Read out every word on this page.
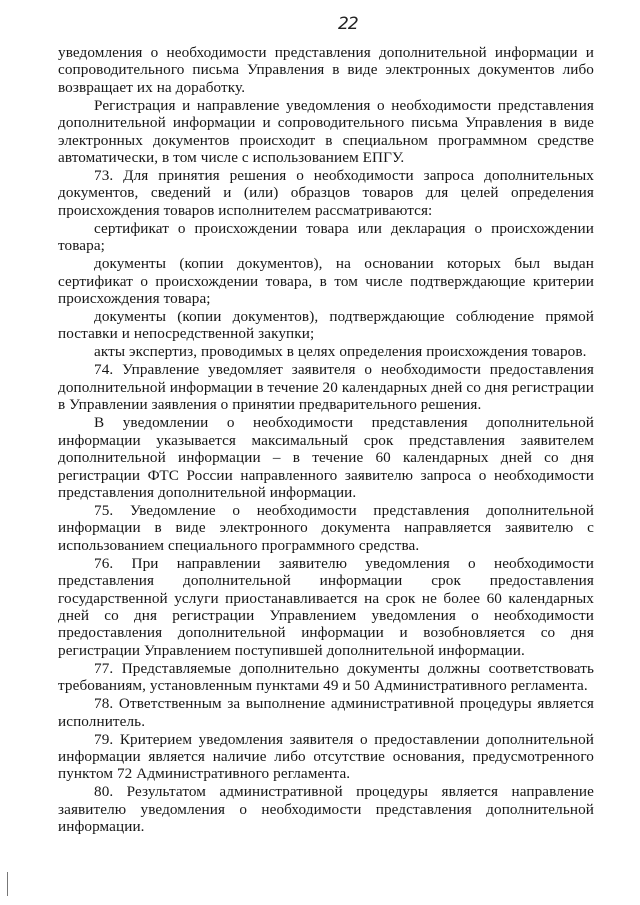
22

уведомления о необходимости представления дополнительной информации и сопроводительного письма Управления в виде электронных документов либо возвращает их на доработку.

Регистрация и направление уведомления о необходимости представления дополнительной информации и сопроводительного письма Управления в виде электронных документов происходит в специальном программном средстве автоматически, в том числе с использованием ЕПГУ.

73. Для принятия решения о необходимости запроса дополнительных документов, сведений и (или) образцов товаров для целей определения происхождения товаров исполнителем рассматриваются:

сертификат о происхождении товара или декларация о происхождении товара;

документы (копии документов), на основании которых был выдан сертификат о происхождении товара, в том числе подтверждающие критерии происхождения товара;

документы (копии документов), подтверждающие соблюдение прямой поставки и непосредственной закупки;

акты экспертиз, проводимых в целях определения происхождения товаров.

74. Управление уведомляет заявителя о необходимости предоставления дополнительной информации в течение 20 календарных дней со дня регистрации в Управлении заявления о принятии предварительного решения.

В уведомлении о необходимости представления дополнительной информации указывается максимальный срок представления заявителем дополнительной информации – в течение 60 календарных дней со дня регистрации ФТС России направленного заявителю запроса о необходимости представления дополнительной информации.

75. Уведомление о необходимости представления дополнительной информации в виде электронного документа направляется заявителю с использованием специального программного средства.

76. При направлении заявителю уведомления о необходимости представления дополнительной информации срок предоставления государственной услуги приостанавливается на срок не более 60 календарных дней со дня регистрации Управлением уведомления о необходимости предоставления дополнительной информации и возобновляется со дня регистрации Управлением поступившей дополнительной информации.

77. Представляемые дополнительно документы должны соответствовать требованиям, установленным пунктами 49 и 50 Административного регламента.

78. Ответственным за выполнение административной процедуры является исполнитель.

79. Критерием уведомления заявителя о предоставлении дополнительной информации является наличие либо отсутствие основания, предусмотренного пунктом 72 Административного регламента.

80. Результатом административной процедуры является направление заявителю уведомления о необходимости представления дополнительной информации.
